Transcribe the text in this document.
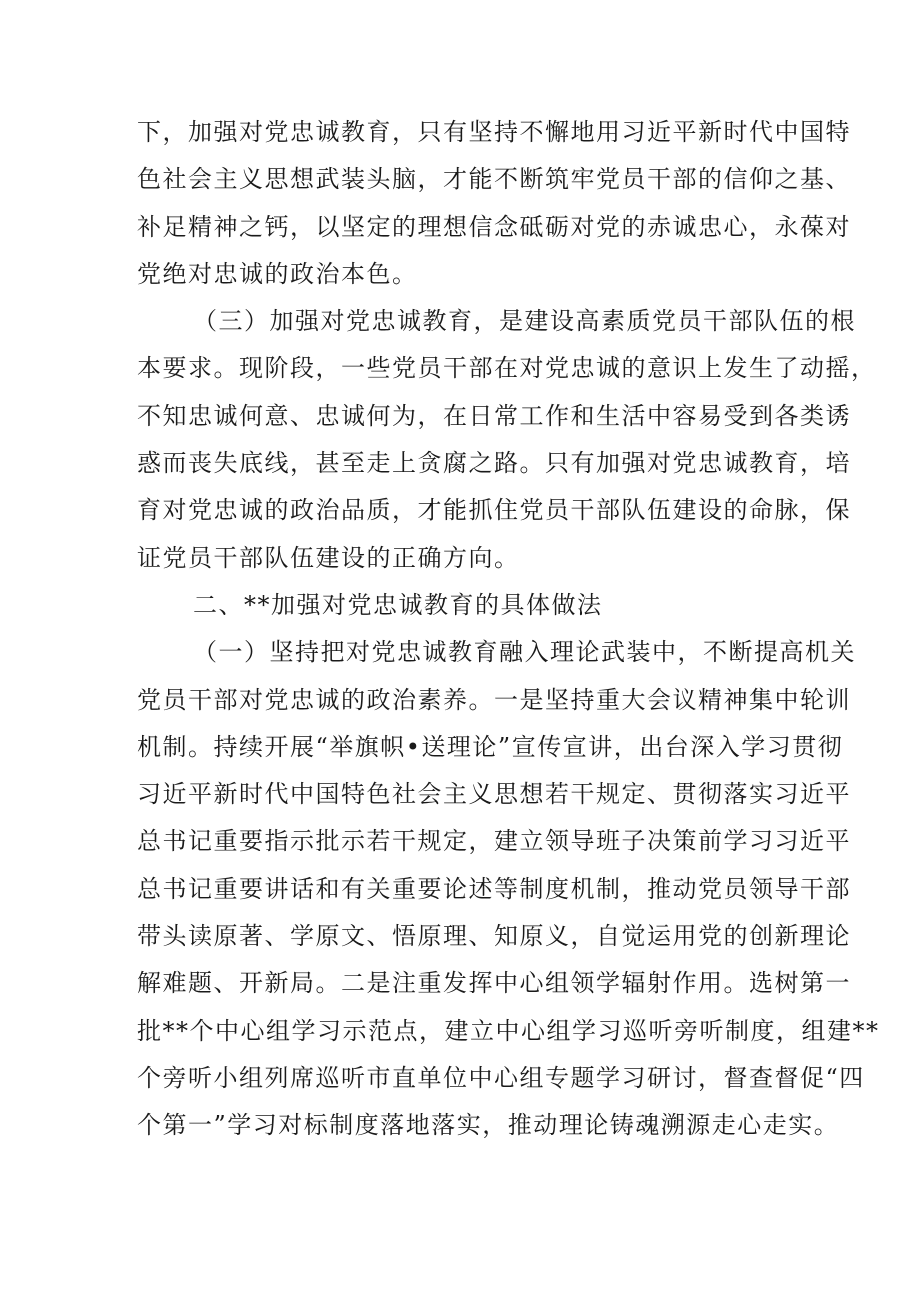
下，加强对党忠诚教育，只有坚持不懈地用习近平新时代中国特
色社会主义思想武装头脑，才能不断筑牢党员干部的信仰之基、
补足精神之钙，以坚定的理想信念砥砺对党的赤诚忠心，永葆对
党绝对忠诚的政治本色。

（三）加强对党忠诚教育，是建设高素质党员干部队伍的根
本要求。现阶段，一些党员干部在对党忠诚的意识上发生了动摇，
不知忠诚何意、忠诚何为，在日常工作和生活中容易受到各类诱
惑而丧失底线，甚至走上贪腐之路。只有加强对党忠诚教育，培
育对党忠诚的政治品质，才能抓住党员干部队伍建设的命脉，保
证党员干部队伍建设的正确方向。

二、**加强对党忠诚教育的具体做法

（一）坚持把对党忠诚教育融入理论武装中，不断提高机关
党员干部对党忠诚的政治素养。一是坚持重大会议精神集中轮训
机制。持续开展“举旗帜•送理论”宣传宣讲，出台深入学习贯彻
习近平新时代中国特色社会主义思想若干规定、贯彻落实习近平
总书记重要指示批示若干规定，建立领导班子决策前学习习近平
总书记重要讲话和有关重要论述等制度机制，推动党员领导干部
带头读原著、学原文、悟原理、知原义，自觉运用党的创新理论
解难题、开新局。二是注重发挥中心组领学辐射作用。选树第一
批**个中心组学习示范点，建立中心组学习巡听旁听制度，组建**
个旁听小组列席巡听市直单位中心组专题学习研讨，督查督促“四
个第一”学习对标制度落地落实，推动理论铸魂溯源走心走实。
